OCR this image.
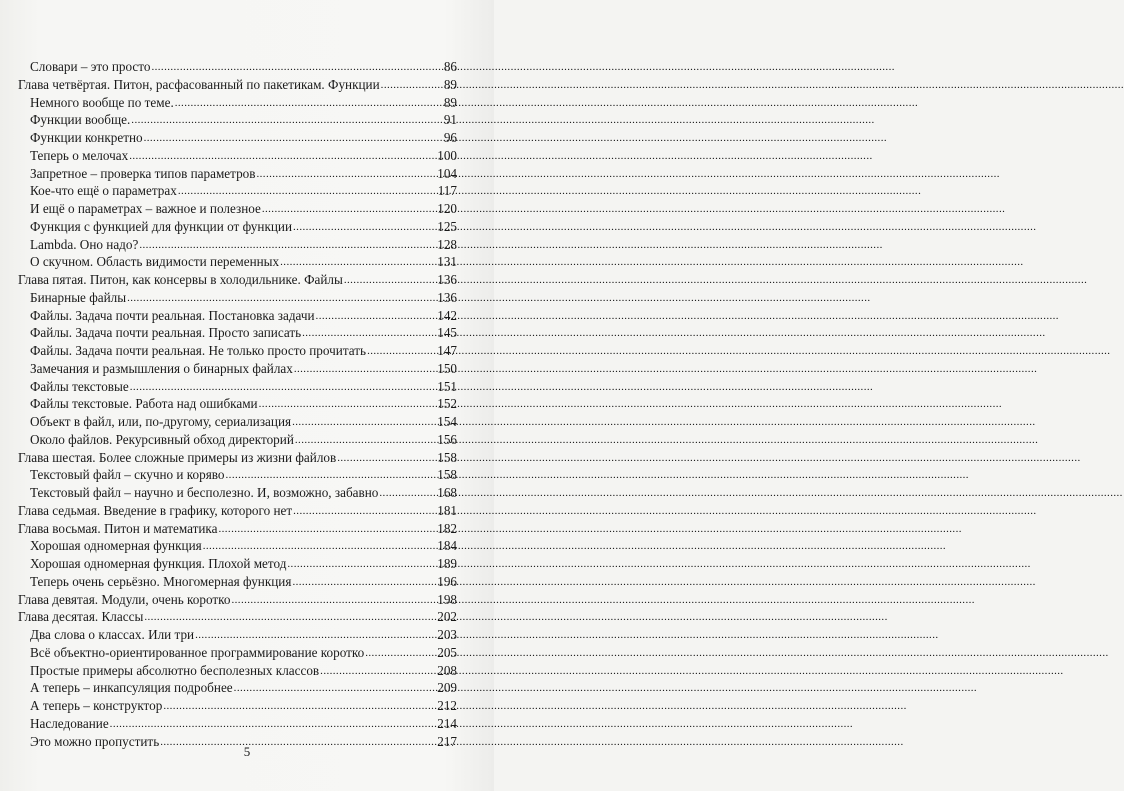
Словари – это просто .....	86
Глава четвёртая. Питон, расфасованный по пакетикам. Функции .....	89
Немного вообще по теме. .....	89
Функции вообще. .....	91
Функции конкретно .....	96
Теперь о мелочах .....	100
Запретное – проверка типов параметров .....	104
Кое-что ещё о параметрах .....	117
И ещё о параметрах – важное и полезное .....	120
Функция с функцией для функции от функции .....	125
Lambda. Оно надо? .....	128
О скучном. Область видимости переменных .....	131
Глава пятая. Питон, как консервы в холодильнике. Файлы .....	136
Бинарные файлы .....	136
Файлы. Задача почти реальная. Постановка задачи .....	142
Файлы. Задача почти реальная. Просто записать .....	145
Файлы. Задача почти реальная. Не только просто прочитать .....	147
Замечания и размышления о бинарных файлах .....	150
Файлы текстовые .....	151
Файлы текстовые. Работа над ошибками .....	152
Объект в файл, или, по-другому, сериализация .....	154
Около файлов. Рекурсивный обход директорий .....	156
Глава шестая. Более сложные примеры из жизни файлов .....	158
Текстовый файл – скучно и коряво .....	158
Текстовый файл – научно и бесполезно. И, возможно, забавно .....	168
Глава седьмая. Введение в графику, которого нет .....	181
Глава восьмая. Питон и математика .....	182
Хорошая одномерная функция .....	184
Хорошая одномерная функция. Плохой метод .....	189
Теперь очень серьёзно. Многомерная функция .....	196
Глава девятая. Модули, очень коротко .....	198
Глава десятая. Классы .....	202
Два слова о классах. Или три .....	203
Всё объектно-ориентированное программирование коротко .....	205
Простые примеры абсолютно бесполезных классов .....	208
А теперь – инкапсуляция подробнее .....	209
А теперь – конструктор .....	212
Наследование .....	214
Это можно пропустить .....	217
5
